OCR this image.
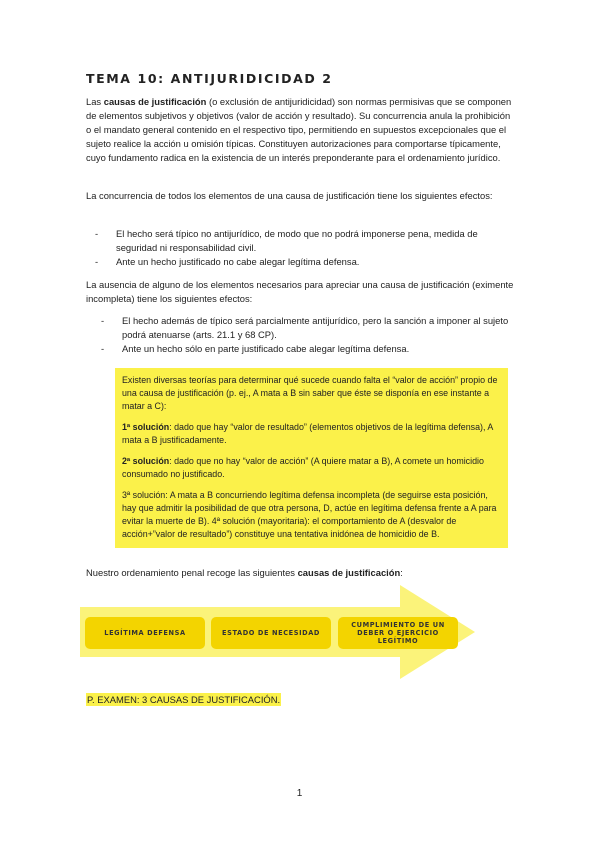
TEMA 10: ANTIJURIDICIDAD 2
Las causas de justificación (o exclusión de antijuridicidad) son normas permisivas que se componen de elementos subjetivos y objetivos (valor de acción y resultado). Su concurrencia anula la prohibición o el mandato general contenido en el respectivo tipo, permitiendo en supuestos excepcionales que el sujeto realice la acción u omisión típicas. Constituyen autorizaciones para comportarse típicamente, cuyo fundamento radica en la existencia de un interés preponderante para el ordenamiento jurídico.
La concurrencia de todos los elementos de una causa de justificación tiene los siguientes efectos:
- El hecho será típico no antijurídico, de modo que no podrá imponerse pena, medida de seguridad ni responsabilidad civil.
- Ante un hecho justificado no cabe alegar legítima defensa.
La ausencia de alguno de los elementos necesarios para apreciar una causa de justificación (eximente incompleta) tiene los siguientes efectos:
- El hecho además de típico será parcialmente antijurídico, pero la sanción a imponer al sujeto podrá atenuarse (arts. 21.1 y 68 CP).
- Ante un hecho sólo en parte justificado cabe alegar legítima defensa.

Existen diversas teorías para determinar qué sucede cuando falta el “valor de acción” propio de una causa de justificación (p. ej., A mata a B sin saber que éste se disponía en ese instante a matar a C):

1ª solución: dado que hay “valor de resultado” (elementos objetivos de la legítima defensa), A mata a B justificadamente.

2ª solución: dado que no hay “valor de acción” (A quiere matar a B), A comete un homicidio consumado no justificado.

3ª solución: A mata a B concurriendo legítima defensa incompleta (de seguirse esta posición, hay que admitir la posibilidad de que otra persona, D, actúe en legítima defensa frente a A para evitar la muerte de B). 4ª solución (mayoritaria): el comportamiento de A (desvalor de acción+”valor de resultado”) constituye una tentativa inidónea de homicidio de B.

Nuestro ordenamiento penal recoge las siguientes causas de justificación:
LEGÍTIMA DEFENSA	ESTADO DE NECESIDAD
CUMPLIMIENTO DE UN DEBER O EJERCICIO LEGÍTIMO
P. EXAMEN: 3 CAUSAS DE JUSTIFICACIÓN.
1
